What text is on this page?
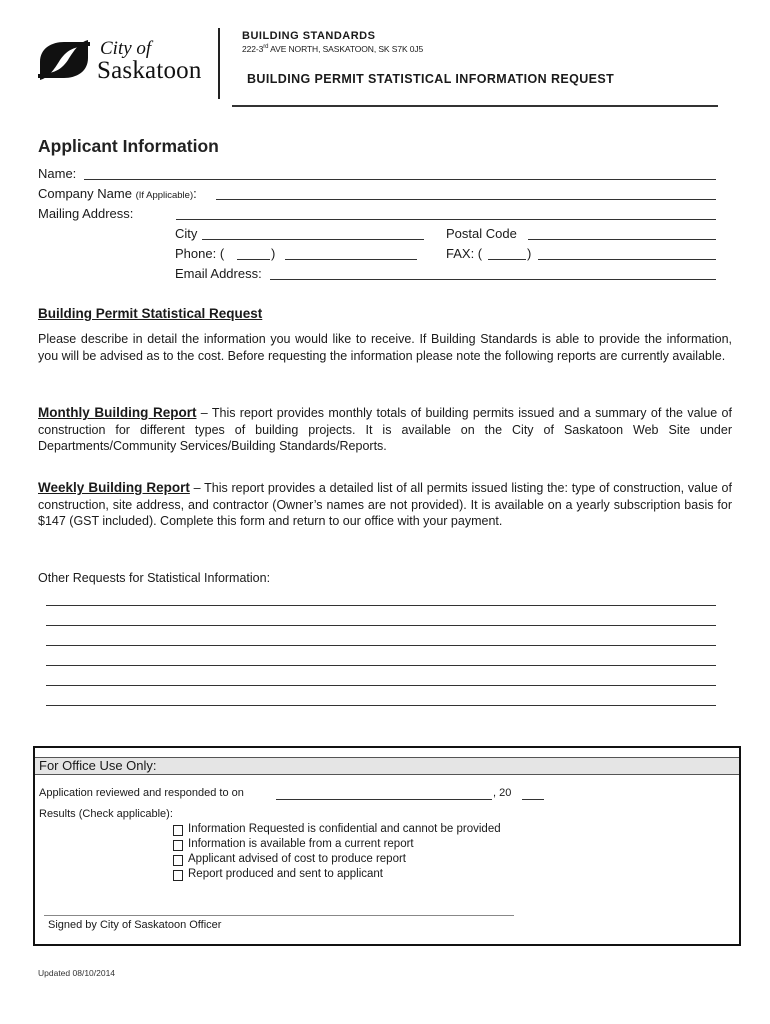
City of
Saskatoon
BUILDING STANDARDS
222-3rd AVE NORTH, SASKATOON, SK S7K 0J5
BUILDING PERMIT STATISTICAL INFORMATION REQUEST
Applicant Information
Name:
Company Name (If Applicable):
Mailing Address:
City	Postal Code
Phone: (	)	FAX: (	)
Email Address:
Building Permit Statistical Request
Please describe in detail the information you would like to receive. If Building Standards is able to provide the information, you will be advised as to the cost. Before requesting the information please note the following reports are currently available.
Monthly Building Report – This report provides monthly totals of building permits issued and a summary of the value of construction for different types of building projects. It is available on the City of Saskatoon Web Site under Departments/Community Services/Building Standards/Reports.
Weekly Building Report – This report provides a detailed list of all permits issued listing the: type of construction, value of construction, site address, and contractor (Owner’s names are not provided). It is available on a yearly subscription basis for $147 (GST included). Complete this form and return to our office with your payment.
Other Requests for Statistical Information:
For Office Use Only:
Application reviewed and responded to on	, 20
Results (Check applicable):
Information Requested is confidential and cannot be provided
Information is available from a current report
Applicant advised of cost to produce report
Report produced and sent to applicant
Signed by City of Saskatoon Officer
Updated 08/10/2014
